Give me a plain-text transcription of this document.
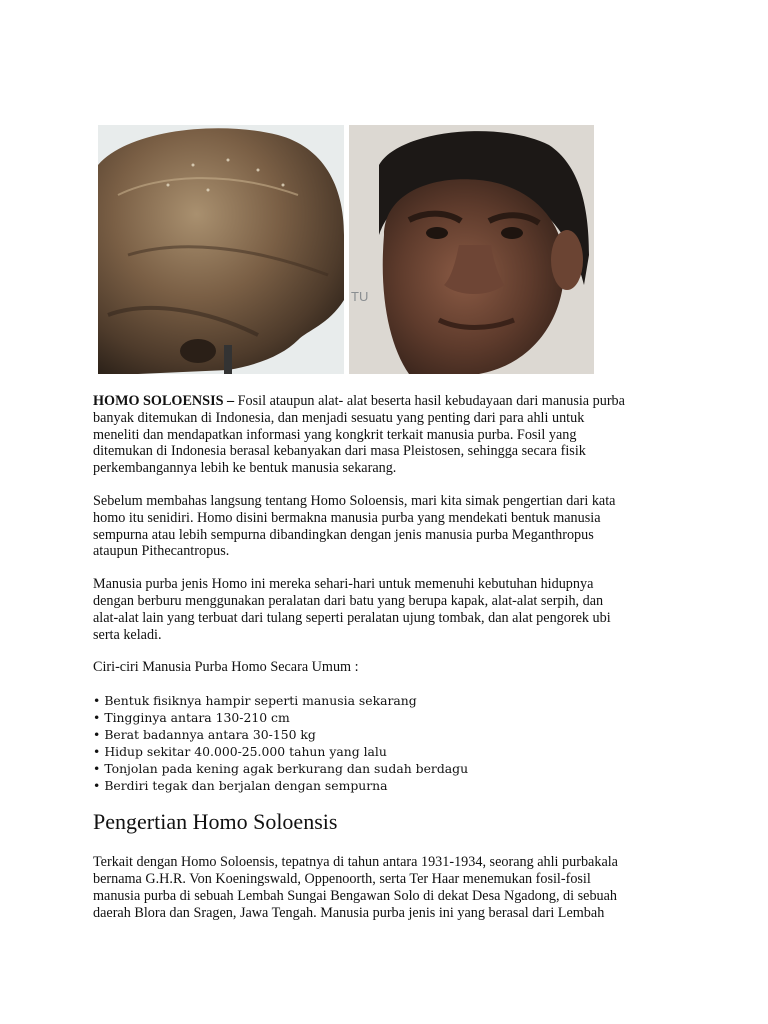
TU

HOMO SOLOENSIS – Fosil ataupun alat- alat beserta hasil kebudayaan dari manusia purba
banyak ditemukan di Indonesia, dan menjadi sesuatu yang penting dari para ahli untuk
meneliti dan mendapatkan informasi yang kongkrit terkait manusia purba. Fosil yang
ditemukan di Indonesia berasal kebanyakan dari masa Pleistosen, sehingga secara fisik
perkembangannya lebih ke bentuk manusia sekarang.

Sebelum membahas langsung tentang Homo Soloensis, mari kita simak pengertian dari kata
homo itu senidiri. Homo disini bermakna manusia purba yang mendekati bentuk manusia
sempurna atau lebih sempurna dibandingkan dengan jenis manusia purba Meganthropus
ataupun Pithecantropus.

Manusia purba jenis Homo ini mereka sehari-hari untuk memenuhi kebutuhan hidupnya
dengan berburu menggunakan peralatan dari batu yang berupa kapak, alat-alat serpih, dan
alat-alat lain yang terbuat dari tulang seperti peralatan ujung tombak, dan alat pengorek ubi
serta keladi.

Ciri-ciri Manusia Purba Homo Secara Umum :

• Bentuk fisiknya hampir seperti manusia sekarang
• Tingginya antara 130-210 cm
• Berat badannya antara 30-150 kg
• Hidup sekitar 40.000-25.000 tahun yang lalu
• Tonjolan pada kening agak berkurang dan sudah berdagu
• Berdiri tegak dan berjalan dengan sempurna
Pengertian Homo Soloensis

Terkait dengan Homo Soloensis, tepatnya di tahun antara 1931-1934, seorang ahli purbakala
bernama G.H.R. Von Koeningswald, Oppenoorth, serta Ter Haar menemukan fosil-fosil
manusia purba di sebuah Lembah Sungai Bengawan Solo di dekat Desa Ngadong, di sebuah
daerah Blora dan Sragen, Jawa Tengah. Manusia purba jenis ini yang berasal dari Lembah
